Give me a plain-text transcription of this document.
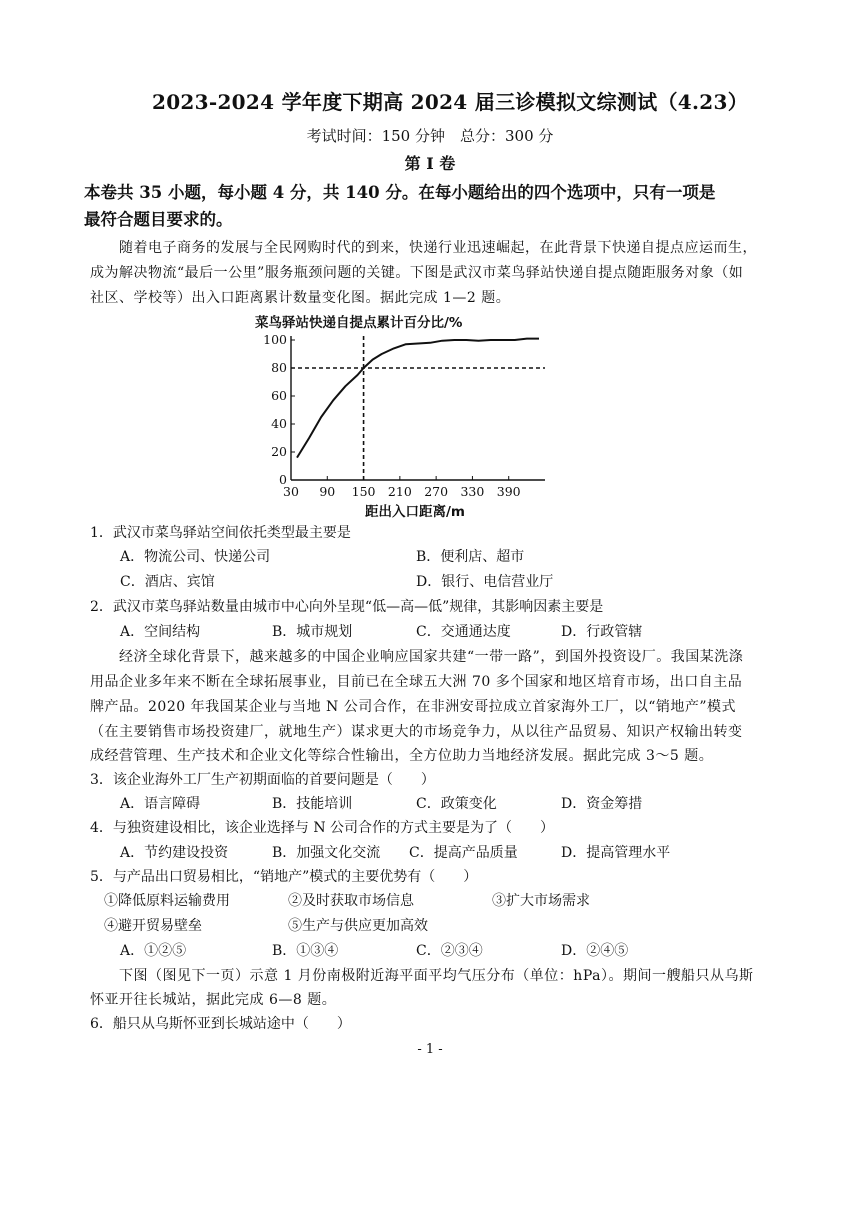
2023-2024 学年度下期高 2024 届三诊模拟文综测试（4.23）
考试时间：150 分钟　总分：300 分
第 I 卷
本卷共 35 小题，每小题 4 分，共 140 分。在每小题给出的四个选项中，只有一项是
最符合题目要求的。
随着电子商务的发展与全民网购时代的到来，快递行业迅速崛起，在此背景下快递自提点应运而生，
成为解决物流“最后一公里”服务瓶颈问题的关键。下图是武汉市菜鸟驿站快递自提点随距服务对象（如
社区、学校等）出入口距离累计数量变化图。据此完成 1—2 题。
菜鸟驿站快递自提点累计百分比/%
距出入口距离/m
0
20
40
60
80
100
30 90 150 210 270 330 390
1．武汉市菜鸟驿站空间依托类型最主要是
A．物流公司、快递公司	B．便利店、超市
C．酒店、宾馆	D．银行、电信营业厅
2．武汉市菜鸟驿站数量由城市中心向外呈现“低—高—低”规律，其影响因素主要是
A．空间结构	B．城市规划	C．交通通达度	D．行政管辖
经济全球化背景下，越来越多的中国企业响应国家共建“一带一路”，到国外投资设厂。我国某洗涤
用品企业多年来不断在全球拓展事业，目前已在全球五大洲 70 多个国家和地区培育市场，出口自主品
牌产品。2020 年我国某企业与当地 N 公司合作，在非洲安哥拉成立首家海外工厂，以“销地产”模式
（在主要销售市场投资建厂，就地生产）谋求更大的市场竞争力，从以往产品贸易、知识产权输出转变
成经营管理、生产技术和企业文化等综合性输出，全方位助力当地经济发展。据此完成 3～5 题。
3．该企业海外工厂生产初期面临的首要问题是（　　）
A．语言障碍	B．技能培训	C．政策变化	D．资金筹措
4．与独资建设相比，该企业选择与 N 公司合作的方式主要是为了（　　）
A．节约建设投资	B．加强文化交流 C．提高产品质量	D．提高管理水平
5．与产品出口贸易相比，“销地产”模式的主要优势有（　　）
①降低原料运输费用	②及时获取市场信息	③扩大市场需求
④避开贸易壁垒	⑤生产与供应更加高效
A．①②⑤	B．①③④	C．②③④	D．②④⑤
下图（图见下一页）示意 1 月份南极附近海平面平均气压分布（单位：hPa）。期间一艘船只从乌斯
怀亚开往长城站，据此完成 6—8 题。
6．船只从乌斯怀亚到长城站途中（　　）
- 1 -
